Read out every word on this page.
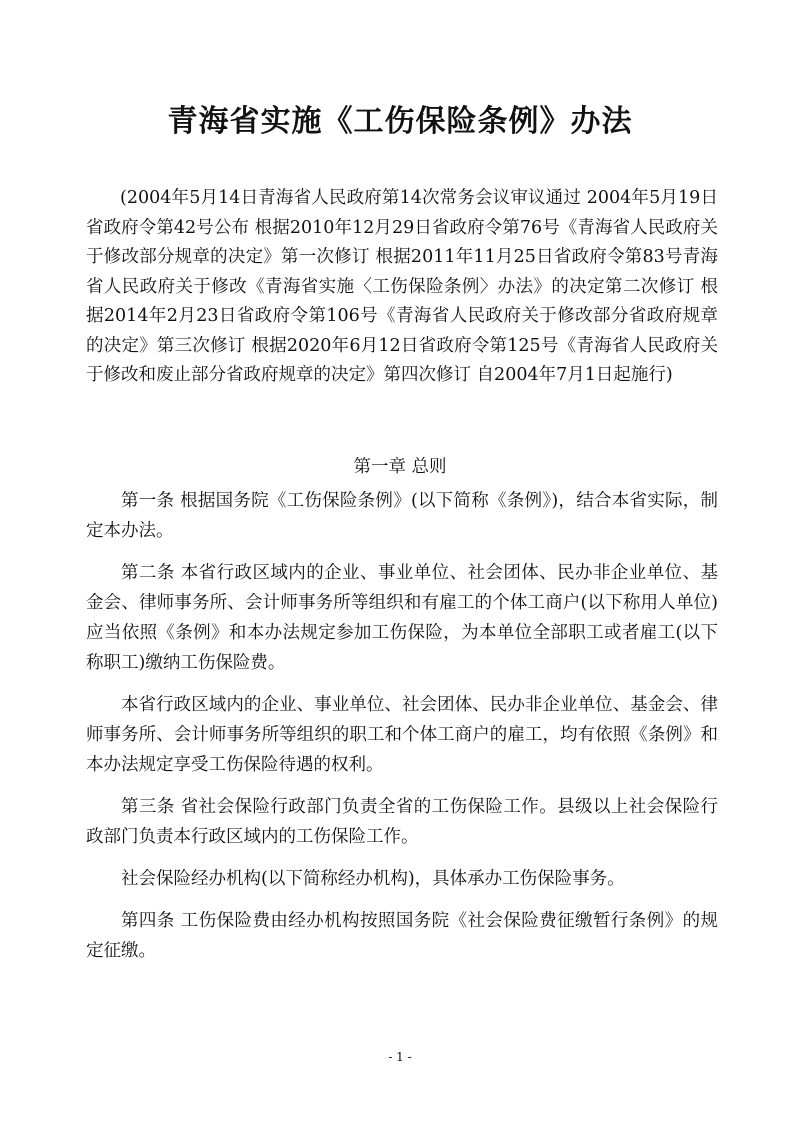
青海省实施《工伤保险条例》办法

(2004年5月14日青海省人民政府第14次常务会议审议通过 2004年5月19日省政府令第42号公布 根据2010年12月29日省政府令第76号《青海省人民政府关于修改部分规章的决定》第一次修订 根据2011年11月25日省政府令第83号青海省人民政府关于修改《青海省实施〈工伤保险条例〉办法》的决定第二次修订 根据2014年2月23日省政府令第106号《青海省人民政府关于修改部分省政府规章的决定》第三次修订 根据2020年6月12日省政府令第125号《青海省人民政府关于修改和废止部分省政府规章的决定》第四次修订 自2004年7月1日起施行)

第一章 总则

第一条 根据国务院《工伤保险条例》(以下简称《条例》)，结合本省实际，制定本办法。

第二条 本省行政区域内的企业、事业单位、社会团体、民办非企业单位、基金会、律师事务所、会计师事务所等组织和有雇工的个体工商户(以下称用人单位)应当依照《条例》和本办法规定参加工伤保险，为本单位全部职工或者雇工(以下称职工)缴纳工伤保险费。

本省行政区域内的企业、事业单位、社会团体、民办非企业单位、基金会、律师事务所、会计师事务所等组织的职工和个体工商户的雇工，均有依照《条例》和本办法规定享受工伤保险待遇的权利。

第三条 省社会保险行政部门负责全省的工伤保险工作。县级以上社会保险行政部门负责本行政区域内的工伤保险工作。

社会保险经办机构(以下简称经办机构)，具体承办工伤保险事务。

第四条 工伤保险费由经办机构按照国务院《社会保险费征缴暂行条例》的规定征缴。

- 1 -
